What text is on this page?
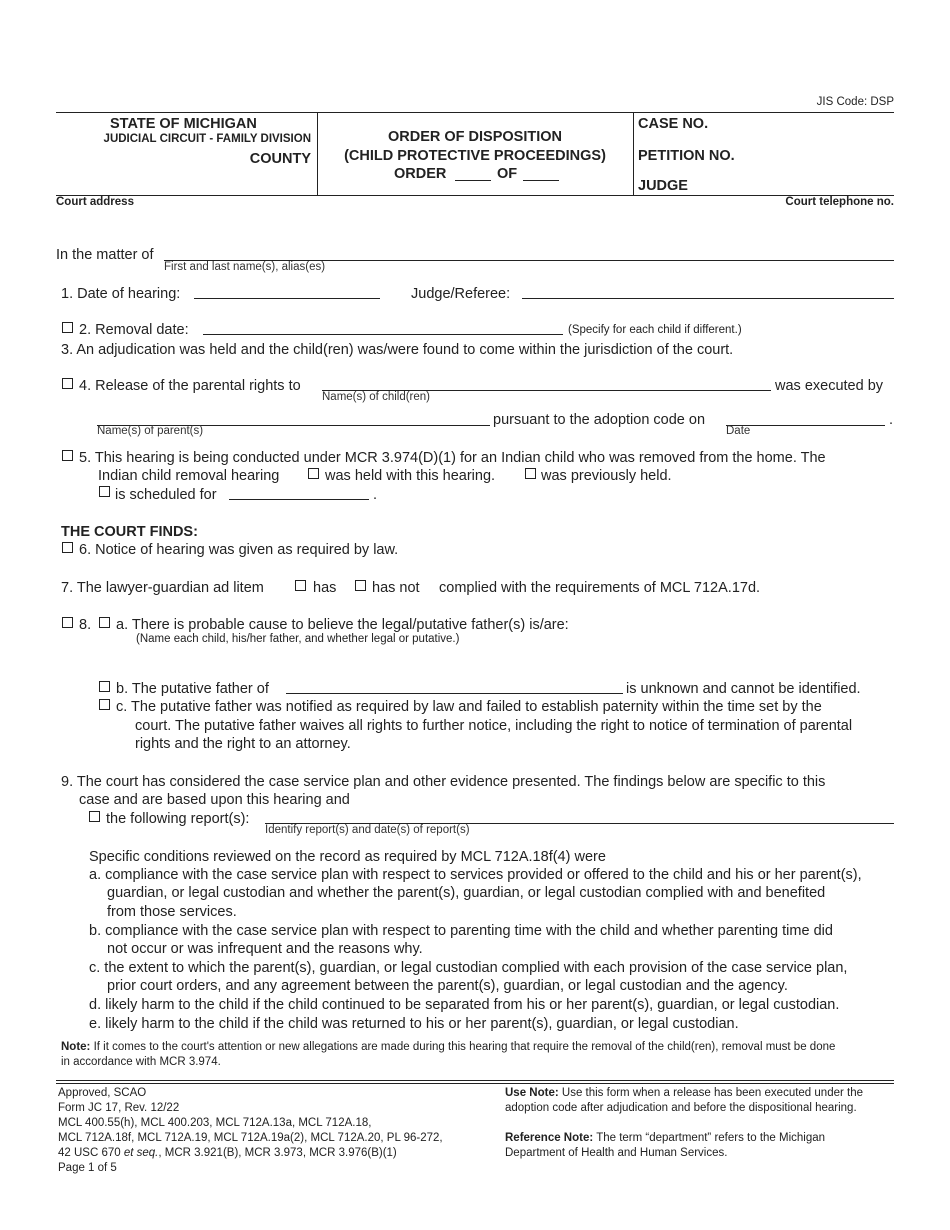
JIS Code: DSP
STATE OF MICHIGAN
JUDICIAL CIRCUIT - FAMILY DIVISION
COUNTY
ORDER OF DISPOSITION
(CHILD PROTECTIVE PROCEEDINGS)
ORDER	OF
CASE NO.
PETITION NO.
JUDGE
Court address	Court telephone no.
In the matter of
First and last name(s), alias(es)
1. Date of hearing:	Judge/Referee:
2. Removal date:	(Specify for each child if different.)
3. An adjudication was held and the child(ren) was/were found to come within the jurisdiction of the court.
4. Release of the parental rights to	was executed by
Name(s) of child(ren)
pursuant to the adoption code on	.
Name(s) of parent(s)	Date
5. This hearing is being conducted under MCR 3.974(D)(1) for an Indian child who was removed from the home. The
Indian child removal hearing	was held with this hearing.	was previously held.
is scheduled for	.
THE COURT FINDS:
6. Notice of hearing was given as required by law.
7. The lawyer-guardian ad litem	has has not complied with the requirements of MCL 712A.17d.
8. a. There is probable cause to believe the legal/putative father(s) is/are:
(Name each child, his/her father, and whether legal or putative.)
b. The putative father of	is unknown and cannot be identified.
c. The putative father was notified as required by law and failed to establish paternity within the time set by the
court. The putative father waives all rights to further notice, including the right to notice of termination of parental
rights and the right to an attorney.
9. The court has considered the case service plan and other evidence presented. The findings below are specific to this
case and are based upon this hearing and
the following report(s):
Identify report(s) and date(s) of report(s)
Specific conditions reviewed on the record as required by MCL 712A.18f(4) were
a. compliance with the case service plan with respect to services provided or offered to the child and his or her parent(s),
guardian, or legal custodian and whether the parent(s), guardian, or legal custodian complied with and benefited
from those services.
b. compliance with the case service plan with respect to parenting time with the child and whether parenting time did
not occur or was infrequent and the reasons why.
c. the extent to which the parent(s), guardian, or legal custodian complied with each provision of the case service plan,
prior court orders, and any agreement between the parent(s), guardian, or legal custodian and the agency.
d. likely harm to the child if the child continued to be separated from his or her parent(s), guardian, or legal custodian.
e. likely harm to the child if the child was returned to his or her parent(s), guardian, or legal custodian.
Note: If it comes to the court's attention or new allegations are made during this hearing that require the removal of the child(ren), removal must be done
in accordance with MCR 3.974.
Approved, SCAO
Form JC 17, Rev. 12/22
MCL 400.55(h), MCL 400.203, MCL 712A.13a, MCL 712A.18,
MCL 712A.18f, MCL 712A.19, MCL 712A.19a(2), MCL 712A.20, PL 96-272,
42 USC 670 et seq., MCR 3.921(B), MCR 3.973, MCR 3.976(B)(1)
Page 1 of 5
Use Note: Use this form when a release has been executed under the
adoption code after adjudication and before the dispositional hearing.
Reference Note: The term “department” refers to the Michigan
Department of Health and Human Services.
